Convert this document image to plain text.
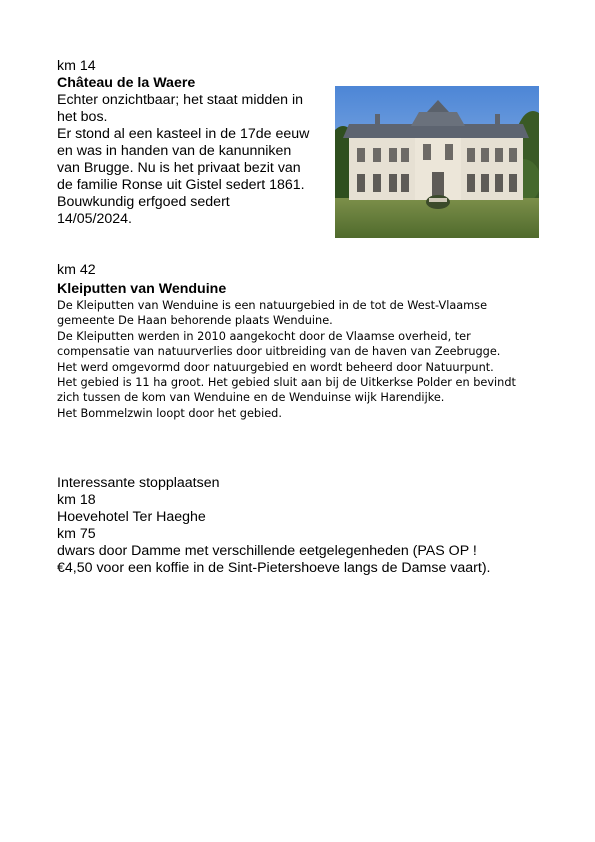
km 14
Château de la Waere
Echter onzichtbaar; het staat midden in
het bos.
Er stond al een kasteel in de 17de eeuw
en was in handen van de kanunniken
van Brugge. Nu is het privaat bezit van
de familie Ronse uit Gistel sedert 1861.
Bouwkundig erfgoed sedert
14/05/2024.
km 42
Kleiputten van Wenduine
De Kleiputten van Wenduine is een natuurgebied in de tot de West-Vlaamse
gemeente De Haan behorende plaats Wenduine.
De Kleiputten werden in 2010 aangekocht door de Vlaamse overheid, ter
compensatie van natuurverlies door uitbreiding van de haven van Zeebrugge.
Het werd omgevormd door natuurgebied en wordt beheerd door Natuurpunt.
Het gebied is 11 ha groot. Het gebied sluit aan bij de Uitkerkse Polder en bevindt
zich tussen de kom van Wenduine en de Wenduinse wijk Harendijke.
Het Bommelzwin loopt door het gebied.
Interessante stopplaatsen
km 18
Hoevehotel Ter Haeghe
km 75
dwars door Damme met verschillende eetgelegenheden (PAS OP !
€4,50 voor een koffie in de Sint-Pietershoeve langs de Damse vaart).
